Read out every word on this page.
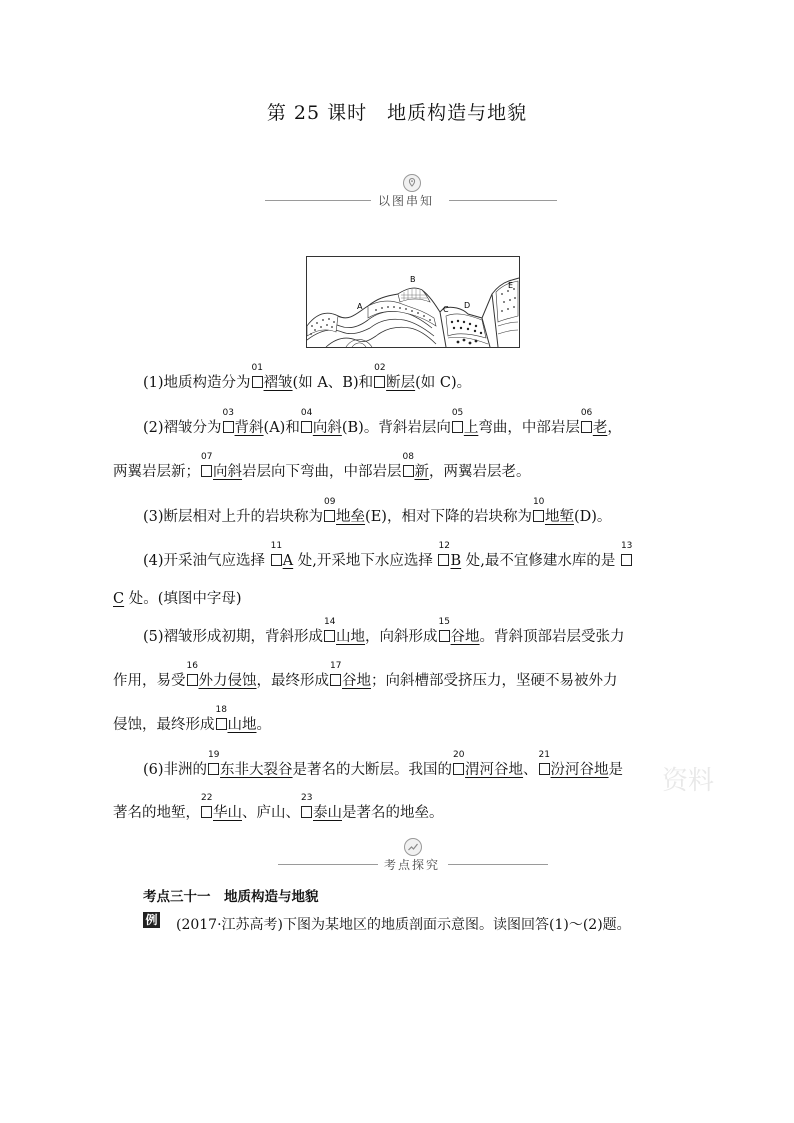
第 25 课时　地质构造与地貌
以图串知
A
B
C D
E
(1)地质构造分为
01
褶皱(如 A、B)和
02
断层(如 C)。
(2)褶皱分为
03
背斜(A)和
04
向斜(B)。背斜岩层向
05
上弯曲，中部岩层
06
老，
两翼岩层新；
07
向斜岩层向下弯曲，中部岩层
08
新，两翼岩层老。
(3)断层相对上升的岩块称为
09
地垒(E)，相对下降的岩块称为
10
地堑(D)。
(4)开采油气应选择
11
A 处,开采地下水应选择
12
B 处,最不宜修建水库的是
13
C 处。(填图中字母)
(5)褶皱形成初期，背斜形成
14
山地，向斜形成
15
谷地。背斜顶部岩层受张力
作用，易受
16
外力侵蚀，最终形成
17
谷地；向斜槽部受挤压力，坚硬不易被外力
侵蚀，最终形成
18
山地。
(6)非洲的
19
东非大裂谷是著名的大断层。我国的
20
渭河谷地、
21
汾河谷地是
著名的地堑，
22
华山、庐山、
23
泰山是著名的地垒。
资料
考点探究
考点三十一　地质构造与地貌
例 (2017·江苏高考)下图为某地区的地质剖面示意图。读图回答(1)～(2)题。
